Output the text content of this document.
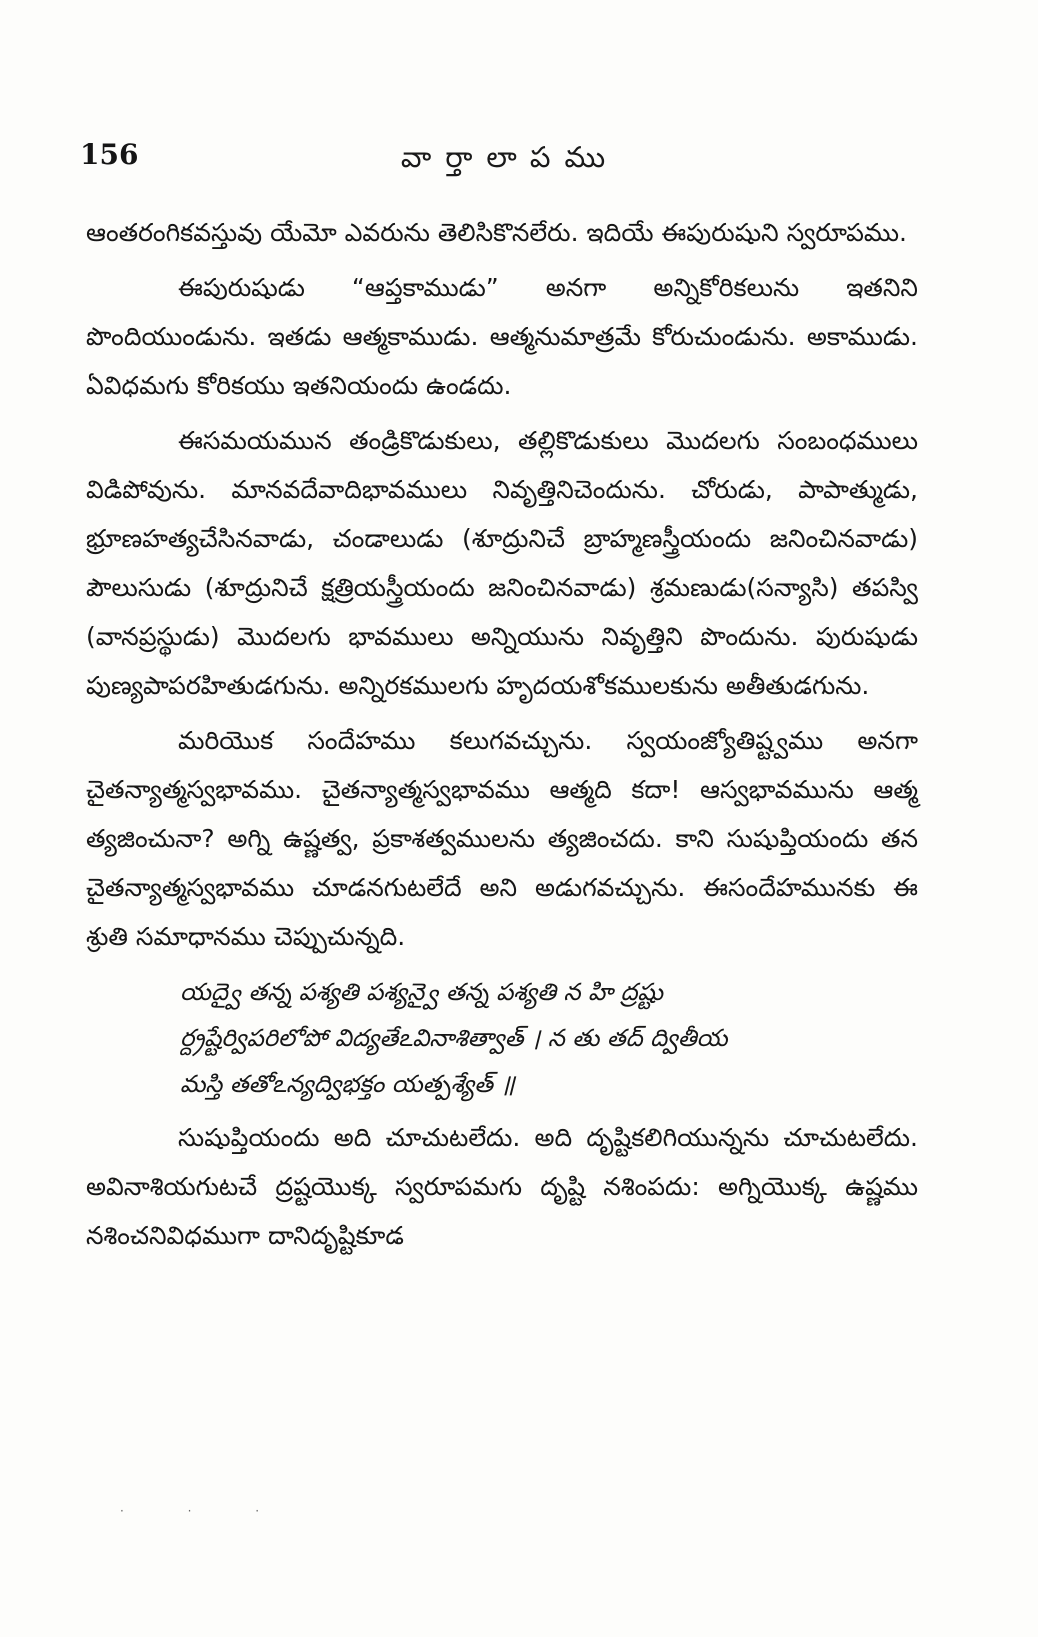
156	వార్తాలాపము

ఆంతరంగికవస్తువు యేమో ఎవరును తెలిసికొనలేరు. ఇదియే ఈపురుషుని స్వరూపము.

ఈపురుషుడు “ఆప్తకాముడు” అనగా అన్నికోరికలును ఇతనిని పొందియుండును. ఇతడు ఆత్మకాముడు. ఆత్మనుమాత్రమే కోరుచుండును. అకాముడు. ఏవిధమగు కోరికయు ఇతనియందు ఉండదు.

ఈసమయమున తండ్రికొడుకులు, తల్లికొడుకులు మొదలగు సంబంధములు విడిపోవును. మానవదేవాదిభావములు నివృత్తినిచెందును. చోరుడు, పాపాత్ముడు, భ్రూణహత్యచేసినవాడు, చండాలుడు (శూద్రునిచే బ్రాహ్మణస్త్రీయందు జనించినవాడు) పౌలుసుడు (శూద్రునిచే క్షత్రియస్త్రీయందు జనించినవాడు) శ్రమణుడు(సన్యాసి) తపస్వి (వానప్రస్థుడు) మొదలగు భావములు అన్నియును నివృత్తిని పొందును. పురుషుడు పుణ్యపాపరహితుడగును. అన్నిరకములగు హృదయశోకములకును అతీతుడగును.

మరియొక సందేహము కలుగవచ్చును. స్వయంజ్యోతిష్ట్వము అనగా చైతన్యాత్మస్వభావము. చైతన్యాత్మస్వభావము ఆత్మది కదా! ఆస్వభావమును ఆత్మ త్యజించునా? అగ్ని ఉష్ణత్వ, ప్రకాశత్వములను త్యజించదు. కాని సుషుప్తియందు తన చైతన్యాత్మస్వభావము చూడనగుటలేదే అని అడుగవచ్చును. ఈసందేహమునకు ఈ శ్రుతి సమాధానము చెప్పుచున్నది.

యద్వై తన్న పశ్యతి పశ్యన్వై తన్న పశ్యతి న హి ద్రష్టు
ర్ద్రష్టేర్విపరిలోపో విద్యతేఽవినాశిత్వాత్ । న తు తద్ ద్వితీయ
మస్తి తతోఽన్యద్విభక్తం యత్పశ్యేత్ ॥

సుషుప్తియందు అది చూచుటలేదు. అది దృష్టికలిగియున్నను చూచుటలేదు. అవినాశియగుటచే ద్రష్టయొక్క స్వరూపమగు దృష్టి నశింపదు: అగ్నియొక్క ఉష్ణము నశించనివిధముగా దానిదృష్టికూడ

· · ·
